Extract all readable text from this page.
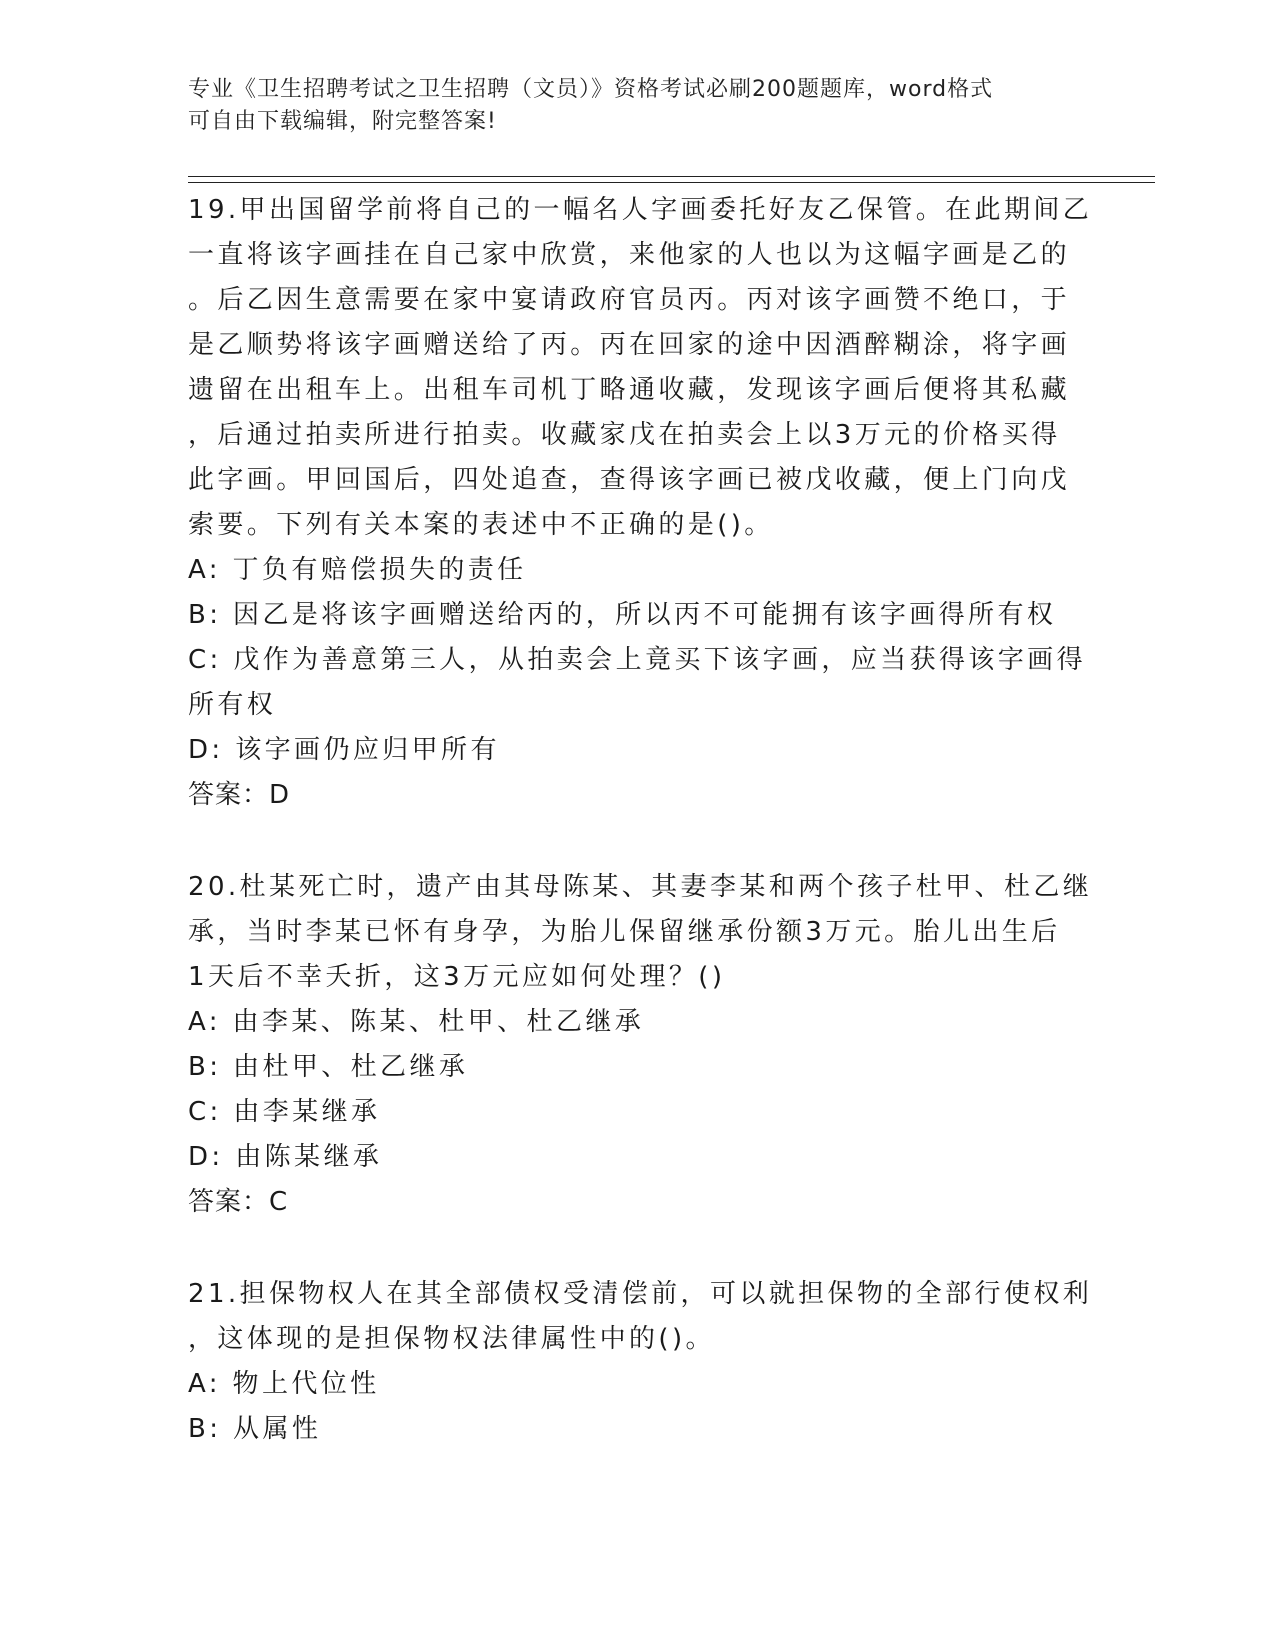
专业《卫生招聘考试之卫生招聘（文员）》资格考试必刷200题题库，word格式
可自由下载编辑，附完整答案!

19.甲出国留学前将自己的一幅名人字画委托好友乙保管。在此期间乙

一直将该字画挂在自己家中欣赏，来他家的人也以为这幅字画是乙的

。后乙因生意需要在家中宴请政府官员丙。丙对该字画赞不绝口，于

是乙顺势将该字画赠送给了丙。丙在回家的途中因酒醉糊涂，将字画

遗留在出租车上。出租车司机丁略通收藏，发现该字画后便将其私藏

，后通过拍卖所进行拍卖。收藏家戊在拍卖会上以3万元的价格买得

此字画。甲回国后，四处追查，查得该字画已被戊收藏，便上门向戊

索要。下列有关本案的表述中不正确的是()。

A: 丁负有赔偿损失的责任

B: 因乙是将该字画赠送给丙的，所以丙不可能拥有该字画得所有权

C: 戊作为善意第三人，从拍卖会上竟买下该字画，应当获得该字画得

所有权

D: 该字画仍应归甲所有

答案：D

20.杜某死亡时，遗产由其母陈某、其妻李某和两个孩子杜甲、杜乙继

承，当时李某已怀有身孕，为胎儿保留继承份额3万元。胎儿出生后

1天后不幸夭折，这3万元应如何处理？()

A: 由李某、陈某、杜甲、杜乙继承

B: 由杜甲、杜乙继承

C: 由李某继承

D: 由陈某继承

答案：C

21.担保物权人在其全部债权受清偿前，可以就担保物的全部行使权利

，这体现的是担保物权法律属性中的()。

A: 物上代位性

B: 从属性
